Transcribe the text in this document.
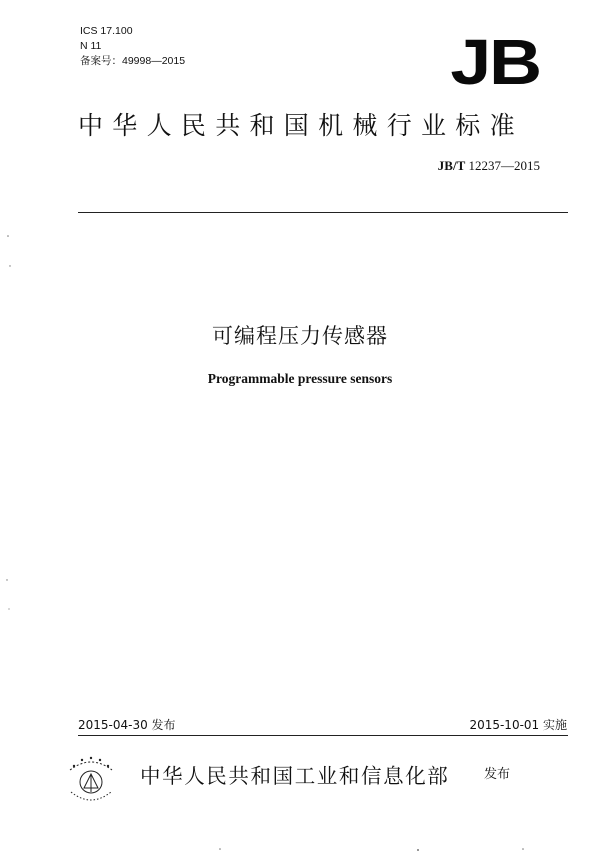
ICS 17.100
N 11
备案号：49998—2015	JB
中华人民共和国机械行业标准
JB/T 12237—2015
可编程压力传感器
Programmable pressure sensors
2015-04-30 发布	2015-10-01 实施
中华人民共和国工业和信息化部	发布
